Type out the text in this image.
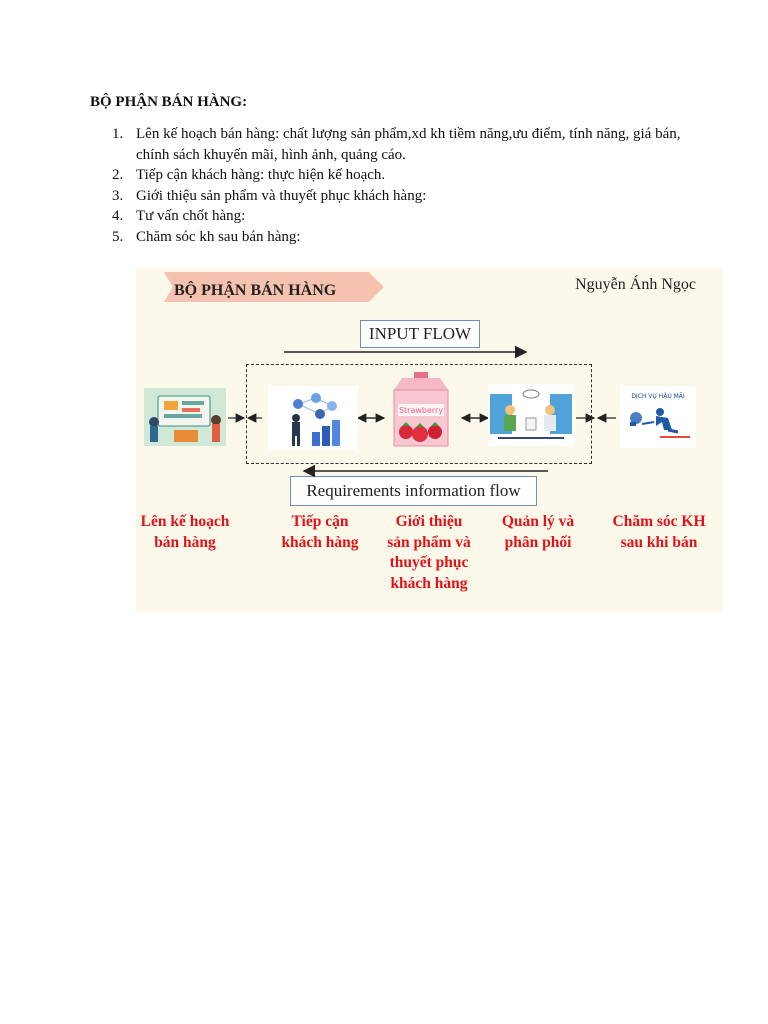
BỘ PHẬN BÁN HÀNG:
1. Lên kế hoạch bán hàng: chất lượng sản phẩm,xd kh tiềm năng,ưu điểm, tính năng, giá bán, chính sách khuyến mãi, hình ảnh, quảng cáo.
2. Tiếp cận khách hàng: thực hiện kế hoạch.
3. Giới thiệu sản phẩm và thuyết phục khách hàng:
4. Tư vấn chốt hàng:
5. Chăm sóc kh sau bán hàng:
BỘ PHẬN BÁN HÀNG	Nguyễn Ánh Ngọc
INPUT FLOW
Requirements information flow
Strawberry
DỊCH VỤ HẬU MÃI
Lên kế hoạch
bán hàng
Tiếp cận
khách hàng
Giới thiệu
sản phẩm và
thuyết phục
khách hàng
Quản lý và
phân phối
Chăm sóc KH
sau khi bán
